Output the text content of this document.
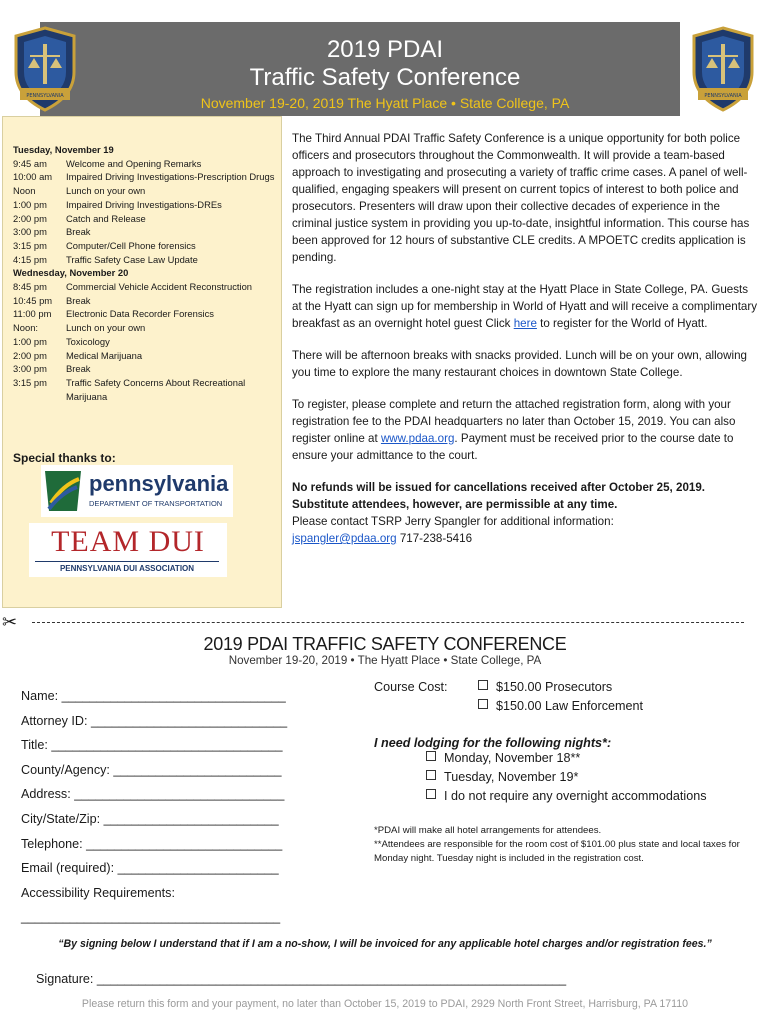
PENNSYLVANIA	PENNSYLVANIA
2019 PDAI
Traffic Safety Conference
November 19-20, 2019 The Hyatt Place • State College, PA
Tuesday, November 19
9:45 am	Welcome and Opening Remarks
10:00 am	Impaired Driving Investigations-Prescription Drugs
Noon	Lunch on your own
1:00 pm	Impaired Driving Investigations-DREs
2:00 pm	Catch and Release
3:00 pm	Break
3:15 pm	Computer/Cell Phone forensics
4:15 pm	Traffic Safety Case Law Update
Wednesday, November 20
8:45 pm	Commercial Vehicle Accident Reconstruction
10:45 pm	Break
11:00 pm	Electronic Data Recorder Forensics
Noon:	Lunch on your own
1:00 pm	Toxicology
2:00 pm	Medical Marijuana
3:00 pm	Break
3:15 pm	Traffic Safety Concerns About Recreational Marijuana
Special thanks to:
pennsylvania
DEPARTMENT OF TRANSPORTATION
TEAM DUI
PENNSYLVANIA DUI ASSOCIATION

The Third Annual PDAI Traffic Safety Conference is a unique opportunity for both police officers and prosecutors throughout the Commonwealth. It will provide a team-based approach to investigating and prosecuting a variety of traffic crime cases. A panel of well-qualified, engaging speakers will present on current topics of interest to both police and prosecutors. Presenters will draw upon their collective decades of experience in the criminal justice system in providing you up-to-date, insightful information. This course has been approved for 12 hours of substantive CLE credits. A MPOETC credits application is pending.

The registration includes a one-night stay at the Hyatt Place in State College, PA. Guests at the Hyatt can sign up for membership in World of Hyatt and will receive a complimentary breakfast as an overnight hotel guest Click here to register for the World of Hyatt.

There will be afternoon breaks with snacks provided. Lunch will be on your own, allowing you time to explore the many restaurant choices in downtown State College.

To register, please complete and return the attached registration form, along with your registration fee to the PDAI headquarters no later than October 15, 2019. You can also register online at www.pdaa.org. Payment must be received prior to the course date to ensure your admittance to the court.

No refunds will be issued for cancellations received after October 25, 2019.
Substitute attendees, however, are permissible at any time.
Please contact TSRP Jerry Spangler for additional information:
jspangler@pdaa.org 717-238-5416
✂
2019 PDAI TRAFFIC SAFETY CONFERENCE
November 19-20, 2019 • The Hyatt Place • State College, PA
Name: ________________________________
Attorney ID: ____________________________
Title: _________________________________
County/Agency: ________________________
Address: ______________________________
City/State/Zip: _________________________
Telephone: ____________________________
Email (required): _______________________
Accessibility Requirements:
_____________________________________
Course Cost:	$150.00 Prosecutors
$150.00 Law Enforcement
I need lodging for the following nights*:
Monday, November 18**
Tuesday, November 19*
I do not require any overnight accommodations
*PDAI will make all hotel arrangements for attendees.
**Attendees are responsible for the room cost of $101.00 plus state and local taxes for Monday night. Tuesday night is included in the registration cost.
“By signing below I understand that if I am a no-show, I will be invoiced for any applicable hotel charges and/or registration fees.”
Signature: ___________________________________________________________________
Please return this form and your payment, no later than October 15, 2019 to PDAI, 2929 North Front Street, Harrisburg, PA 17110
